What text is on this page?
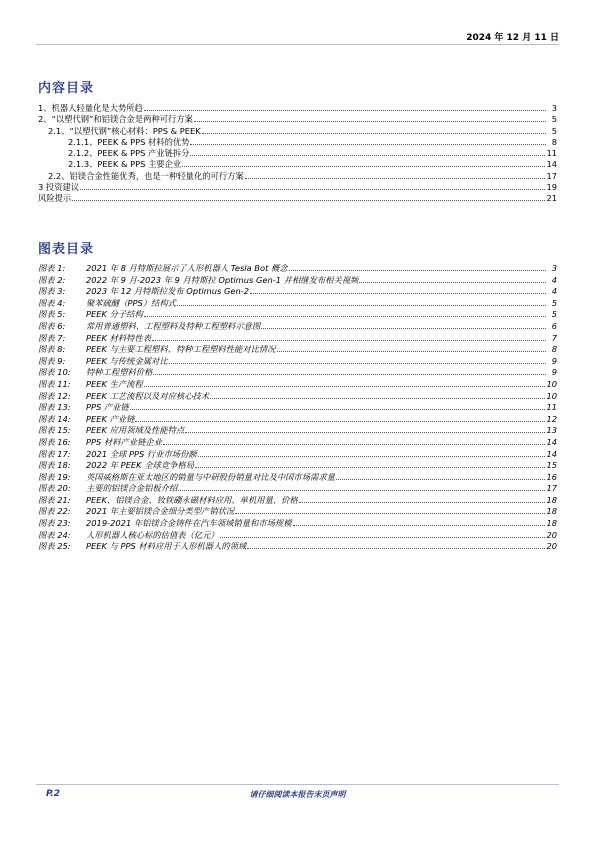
2024 年 12 月 11 日
内容目录
1、机器人轻量化是大势所趋	3
2、“以塑代钢”和铝镁合金是两种可行方案	5
2.1、“以塑代钢”核心材料：PPS & PEEK	5
2.1.1、PEEK & PPS 材料的优势	8
2.1.2、PEEK & PPS 产业链拆分	11
2.1.3、PEEK & PPS 主要企业	14
2.2、铝镁合金性能优秀，也是一种轻量化的可行方案	17
3 投资建议	19
风险提示	21
图表目录
图表 1: 2021 年 8 月特斯拉展示了人形机器人 Tesla Bot 概念	3
图表 2: 2022 年 9 月-2023 年 9 月特斯拉 Optimus Gen-1 并相继发布相关视频	4
图表 3: 2023 年 12 月特斯拉发布 Optimus Gen-2	4
图表 4: 聚苯硫醚（PPS）结构式	5
图表 5: PEEK 分子结构	5
图表 6: 常用普通塑料、工程塑料及特种工程塑料示意图	6
图表 7: PEEK 材料特性表	7
图表 8: PEEK 与主要工程塑料、特种工程塑料性能对比情况	8
图表 9: PEEK 与传统金属对比	9
图表 10: 特种工程塑料价格	9
图表 11: PEEK 生产流程	10
图表 12: PEEK 工艺流程以及对应核心技术	10
图表 13: PPS 产业链	11
图表 14: PEEK 产业链	12
图表 15: PEEK 应用领域及性能特点	13
图表 16: PPS 材料产业链企业	14
图表 17: 2021 全球 PPS 行业市场份额	14
图表 18: 2022 年 PEEK 全球竞争格局	15
图表 19: 英国威格斯在亚太地区的销量与中研股份销量对比及中国市场需求量	16
图表 20: 主要的铝镁合金铝板介绍	17
图表 21: PEEK、铝镁合金、钕铁硼永磁材料应用、单机用量、价格	18
图表 22: 2021 年主要铝镁合金细分类型产销状况	18
图表 23: 2019-2021 年铝镁合金铸件在汽车领域销量和市场规模	18
图表 24: 人形机器人核心标的估值表（亿元）	20
图表 25: PEEK 与 PPS 材料应用于人形机器人的领域	20
P.2	请仔细阅读本报告末页声明
